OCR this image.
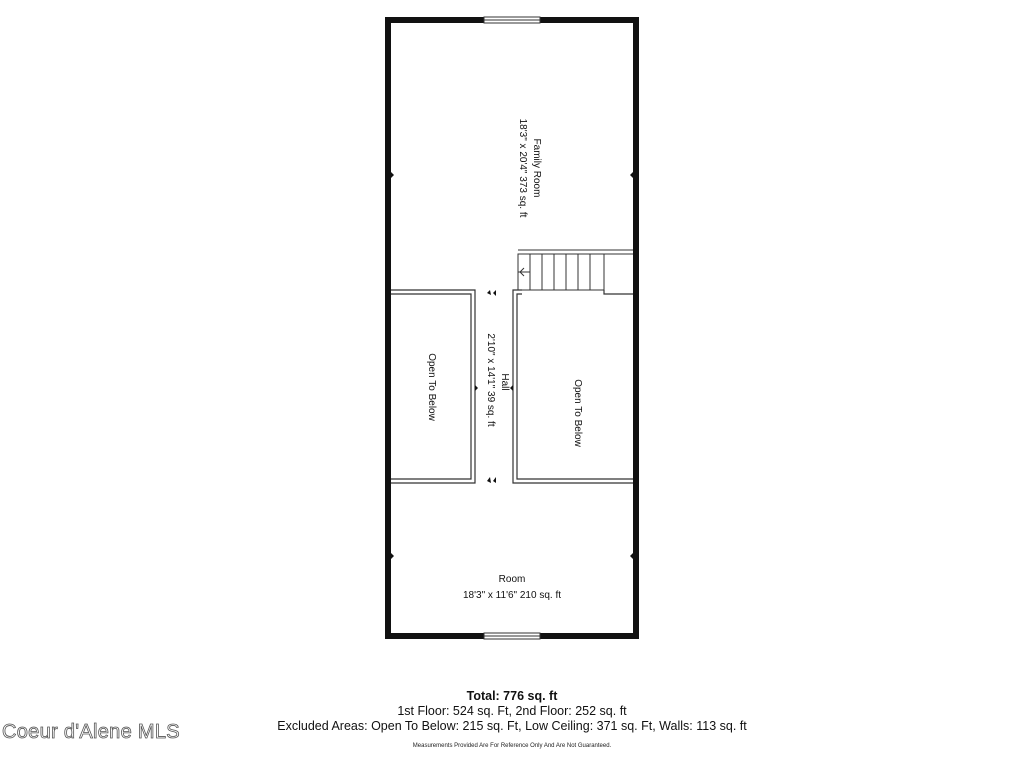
Family Room
18'3" x 20'4" 373 sq. ft
Hall
2'10" x 14'1" 39 sq. ft
Open To Below	Open To Below
Room
18'3" x 11'6" 210 sq. ft
Total: 776 sq. ft
1st Floor: 524 sq. Ft, 2nd Floor: 252 sq. ft
Excluded Areas: Open To Below: 215 sq. Ft, Low Ceiling: 371 sq. Ft, Walls: 113 sq. ft
Measurements Provided Are For Reference Only And Are Not Guaranteed.
Coeur d'Alene MLS
